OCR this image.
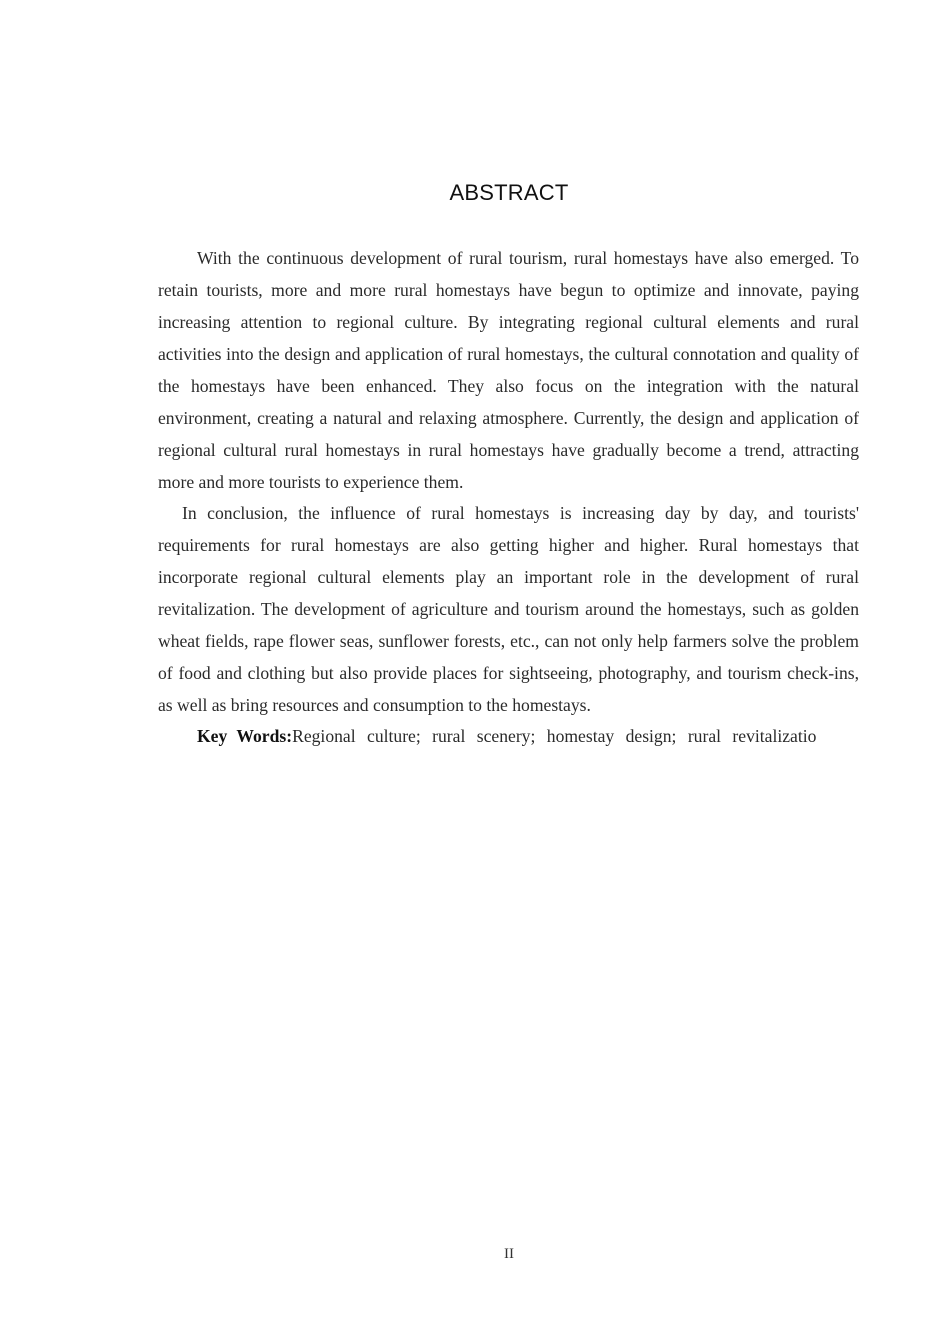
ABSTRACT

With the continuous development of rural tourism, rural homestays have also emerged. To retain tourists, more and more rural homestays have begun to optimize and innovate, paying increasing attention to regional culture. By integrating regional cultural elements and rural activities into the design and application of rural homestays, the cultural connotation and quality of the homestays have been enhanced. They also focus on the integration with the natural environment, creating a natural and relaxing atmosphere. Currently, the design and application of regional cultural rural homestays in rural homestays have gradually become a trend, attracting more and more tourists to experience them.

In conclusion, the influence of rural homestays is increasing day by day, and tourists' requirements for rural homestays are also getting higher and higher. Rural homestays that incorporate regional cultural elements play an important role in the development of rural revitalization. The development of agriculture and tourism around the homestays, such as golden wheat fields, rape flower seas, sunflower forests, etc., can not only help farmers solve the problem of food and clothing but also provide places for sightseeing, photography, and tourism check-ins, as well as bring resources and consumption to the homestays.

Key Words:Regional culture; rural scenery; homestay design; rural revitalizatio
II
